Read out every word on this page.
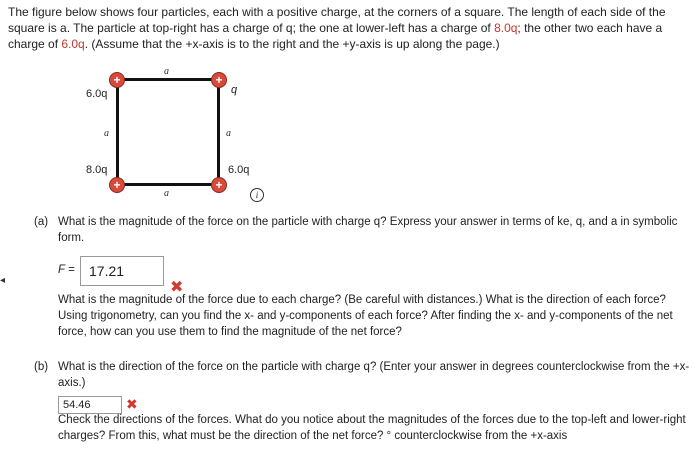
◂
The figure below shows four particles, each with a positive charge, at the corners of a square. The length of each side of the square is a. The particle at top-right has a charge of q; the one at lower-left has a charge of 8.0q; the other two each have a charge of 6.0q. (Assume that the +x-axis is to the right and the +y-axis is up along the page.)
a
a
a	a
+	+
+	+
6.0q	q
8.0q	6.0q
i
(a) What is the magnitude of the force on the particle with charge q? Express your answer in terms of ke, q, and a in symbolic form.
F =	17.21
✖
What is the magnitude of the force due to each charge? (Be careful with distances.) What is the direction of each force? Using trigonometry, can you find the x- and y-components of each force? After finding the x- and y-components of the net force, how can you use them to find the magnitude of the net force?
(b) What is the direction of the force on the particle with charge q? (Enter your answer in degrees counterclockwise from the +x-axis.)
54.46	✖
Check the directions of the forces. What do you notice about the magnitudes of the forces due to the top-left and lower-right charges? From this, what must be the direction of the net force? ° counterclockwise from the +x-axis
